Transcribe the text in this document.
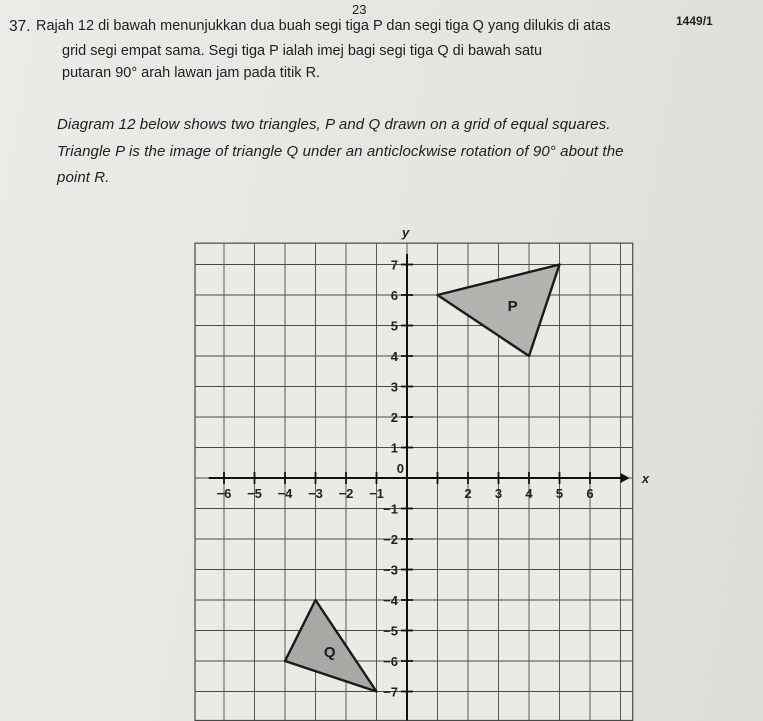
23
1449/1
37. Rajah 12 di bawah menunjukkan dua buah segi tiga P dan segi tiga Q yang dilukis di atas
grid segi empat sama. Segi tiga P ialah imej bagi segi tiga Q di bawah satu
putaran 90° arah lawan jam pada titik R.
Diagram 12 below shows two triangles, P and Q drawn on a grid of equal squares.
Triangle P is the image of triangle Q under an anticlockwise rotation of 90° about the
point R.
P
Q
x
y
0
−6 −5 −4 −3 −2 −1	2 3 4 5 6
7
6
5
4
3
2
1
−1
−2
−3
−4
−5
−6
−7
